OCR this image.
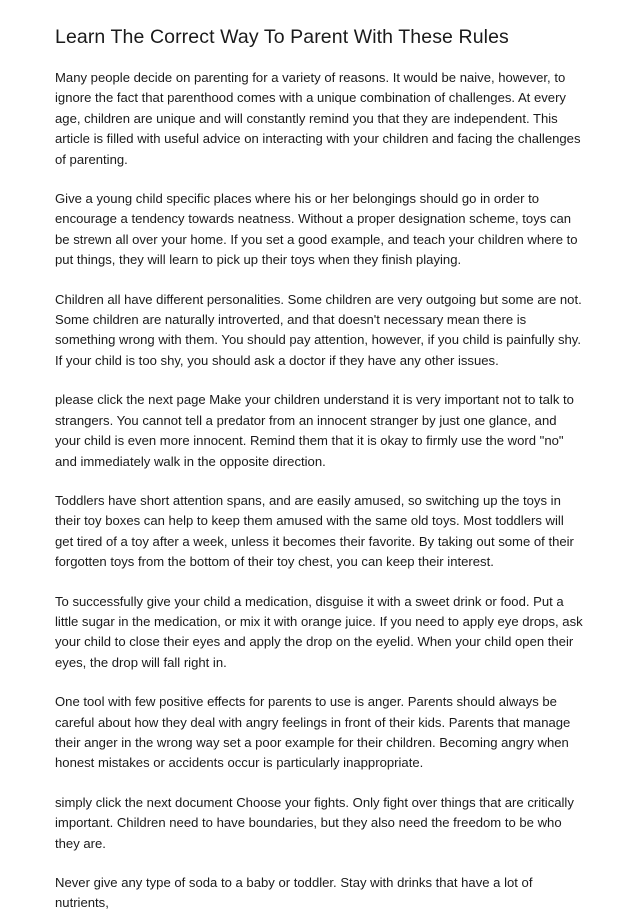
Learn The Correct Way To Parent With These Rules

Many people decide on parenting for a variety of reasons. It would be naive, however, to ignore the fact that parenthood comes with a unique combination of challenges. At every age, children are unique and will constantly remind you that they are independent. This article is filled with useful advice on interacting with your children and facing the challenges of parenting.

Give a young child specific places where his or her belongings should go in order to encourage a tendency towards neatness. Without a proper designation scheme, toys can be strewn all over your home. If you set a good example, and teach your children where to put things, they will learn to pick up their toys when they finish playing.

Children all have different personalities. Some children are very outgoing but some are not. Some children are naturally introverted, and that doesn't necessary mean there is something wrong with them. You should pay attention, however, if you child is painfully shy. If your child is too shy, you should ask a doctor if they have any other issues.

please click the next page Make your children understand it is very important not to talk to strangers. You cannot tell a predator from an innocent stranger by just one glance, and your child is even more innocent. Remind them that it is okay to firmly use the word "no" and immediately walk in the opposite direction.

Toddlers have short attention spans, and are easily amused, so switching up the toys in their toy boxes can help to keep them amused with the same old toys. Most toddlers will get tired of a toy after a week, unless it becomes their favorite. By taking out some of their forgotten toys from the bottom of their toy chest, you can keep their interest.

To successfully give your child a medication, disguise it with a sweet drink or food. Put a little sugar in the medication, or mix it with orange juice. If you need to apply eye drops, ask your child to close their eyes and apply the drop on the eyelid. When your child open their eyes, the drop will fall right in.

One tool with few positive effects for parents to use is anger. Parents should always be careful about how they deal with angry feelings in front of their kids. Parents that manage their anger in the wrong way set a poor example for their children. Becoming angry when honest mistakes or accidents occur is particularly inappropriate.

simply click the next document Choose your fights. Only fight over things that are critically important. Children need to have boundaries, but they also need the freedom to be who they are.

Never give any type of soda to a baby or toddler. Stay with drinks that have a lot of nutrients,
